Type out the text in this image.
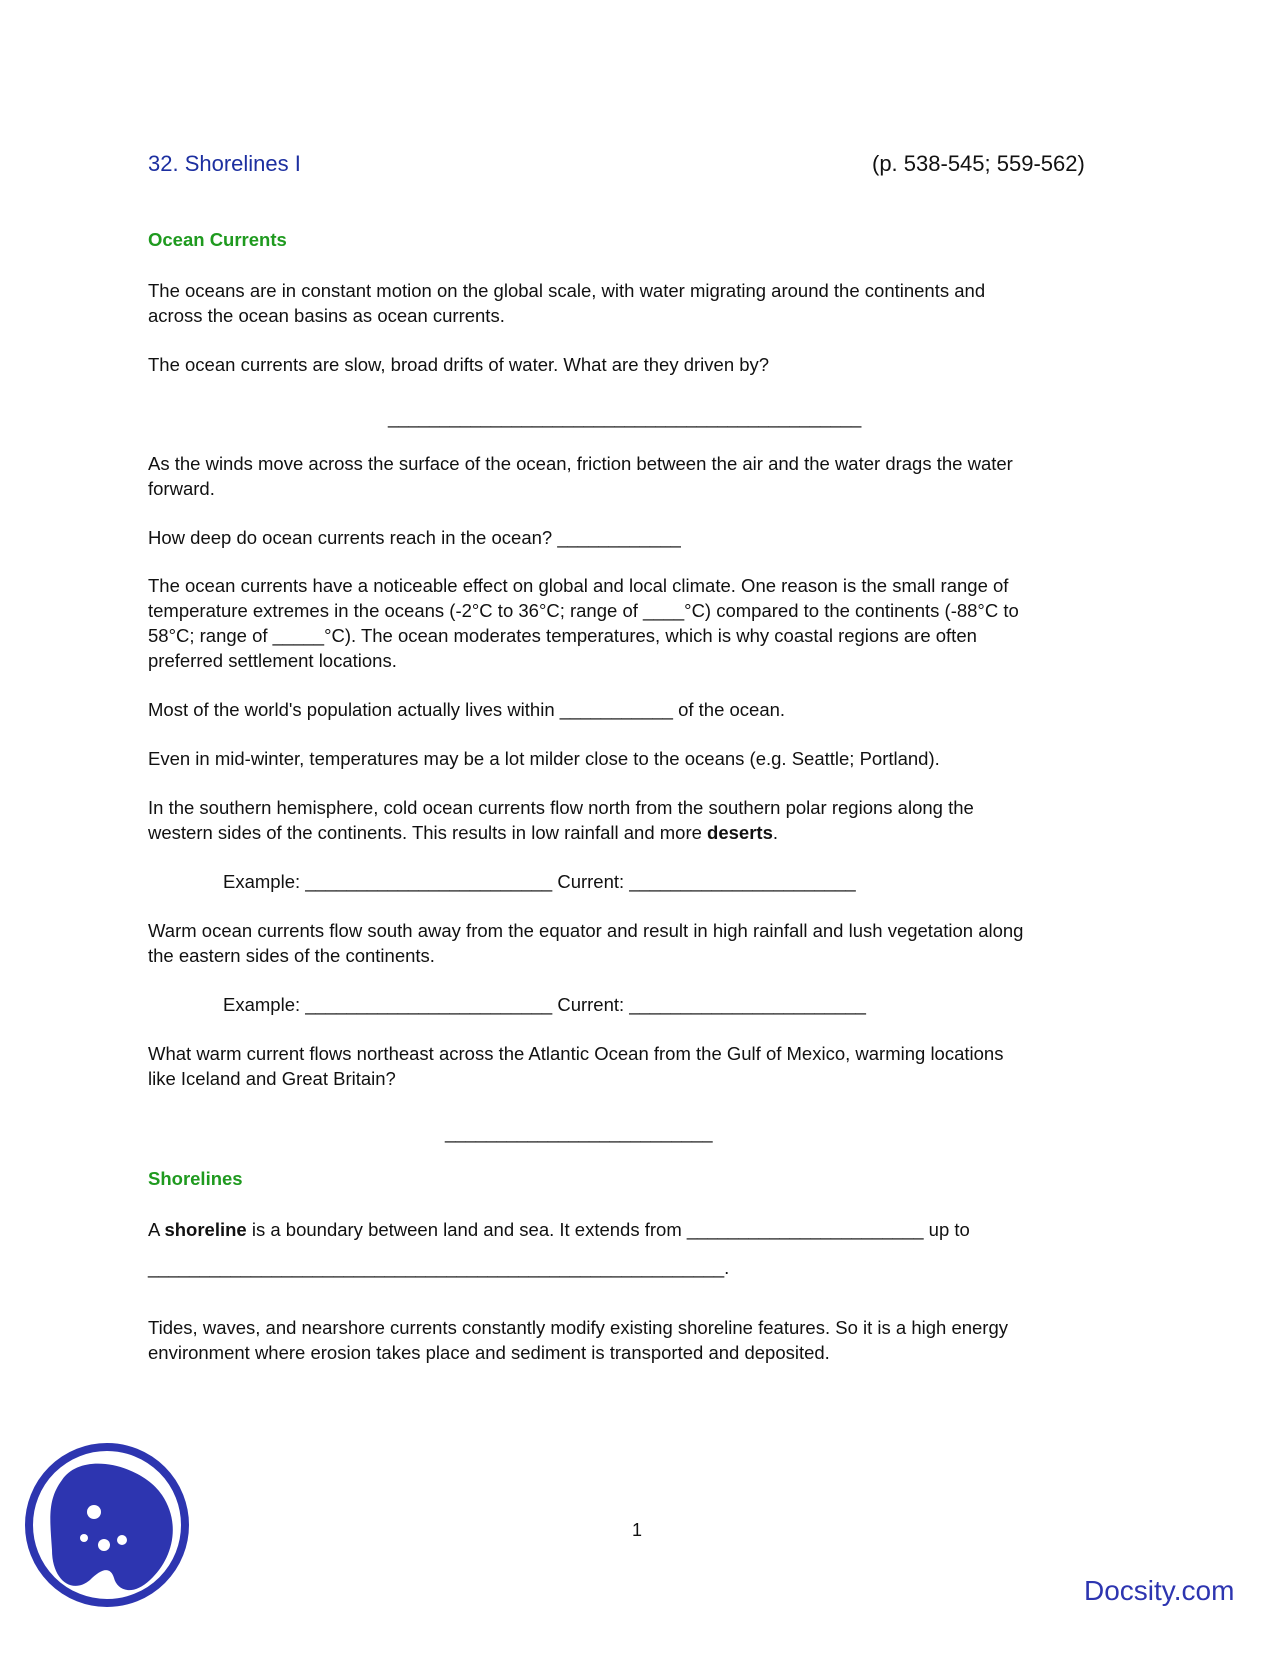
32. Shorelines I	(p. 538-545; 559-562)
Ocean Currents
The oceans are in constant motion on the global scale, with water migrating around the continents and
across the ocean basins as ocean currents.
The ocean currents are slow, broad drifts of water. What are they driven by?
______________________________________________
As the winds move across the surface of the ocean, friction between the air and the water drags the water
forward.
How deep do ocean currents reach in the ocean? ____________
The ocean currents have a noticeable effect on global and local climate. One reason is the small range of
temperature extremes in the oceans (-2°C to 36°C; range of ____°C) compared to the continents (-88°C to
58°C; range of _____°C). The ocean moderates temperatures, which is why coastal regions are often
preferred settlement locations.
Most of the world's population actually lives within ___________ of the ocean.
Even in mid-winter, temperatures may be a lot milder close to the oceans (e.g. Seattle; Portland).
In the southern hemisphere, cold ocean currents flow north from the southern polar regions along the
western sides of the continents. This results in low rainfall and more deserts.
Example: ________________________ Current: ______________________
Warm ocean currents flow south away from the equator and result in high rainfall and lush vegetation along
the eastern sides of the continents.
Example: ________________________ Current: _______________________
What warm current flows northeast across the Atlantic Ocean from the Gulf of Mexico, warming locations
like Iceland and Great Britain?
__________________________
Shorelines
A shoreline is a boundary between land and sea. It extends from _______________________ up to
________________________________________________________.
Tides, waves, and nearshore currents constantly modify existing shoreline features. So it is a high energy
environment where erosion takes place and sediment is transported and deposited.
1
Docsity.com
